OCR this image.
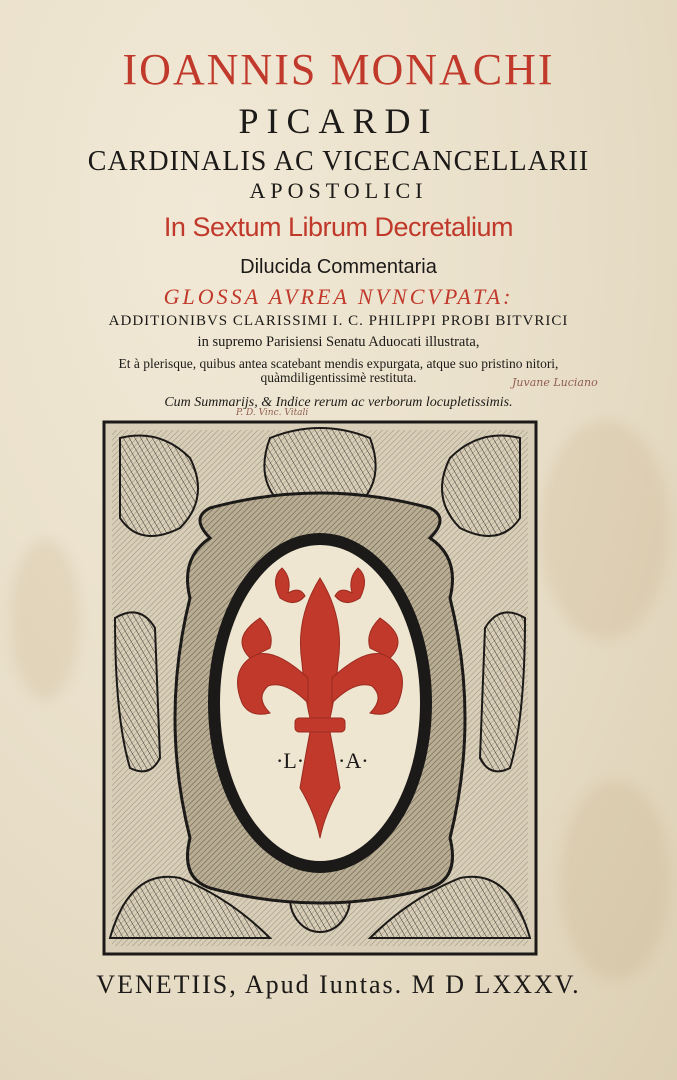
IOANNIS MONACHI
PICARDI
CARDINALIS AC VICECANCELLARII
APOSTOLICI
In Sextum Librum Decretalium
Dilucida Commentaria
GLOSSA AVREA NVNCVPATA:
ADDITIONIBVS CLARISSIMI I. C. PHILIPPI PROBI BITVRICI
in supremo Parisiensi Senatu Aduocati illustrata,
Et à plerisque, quibus antea scatebant mendis expurgata, atque suo pristino nitori,
quàmdiligentissimè restituta.
Cum Summarijs, & Indice rerum ac verborum locupletissimis.
Juvane Luciano
P. D. Vinc. Vitali
·L· ·A·
VENETIIS, Apud Iuntas. M D LXXXV.
